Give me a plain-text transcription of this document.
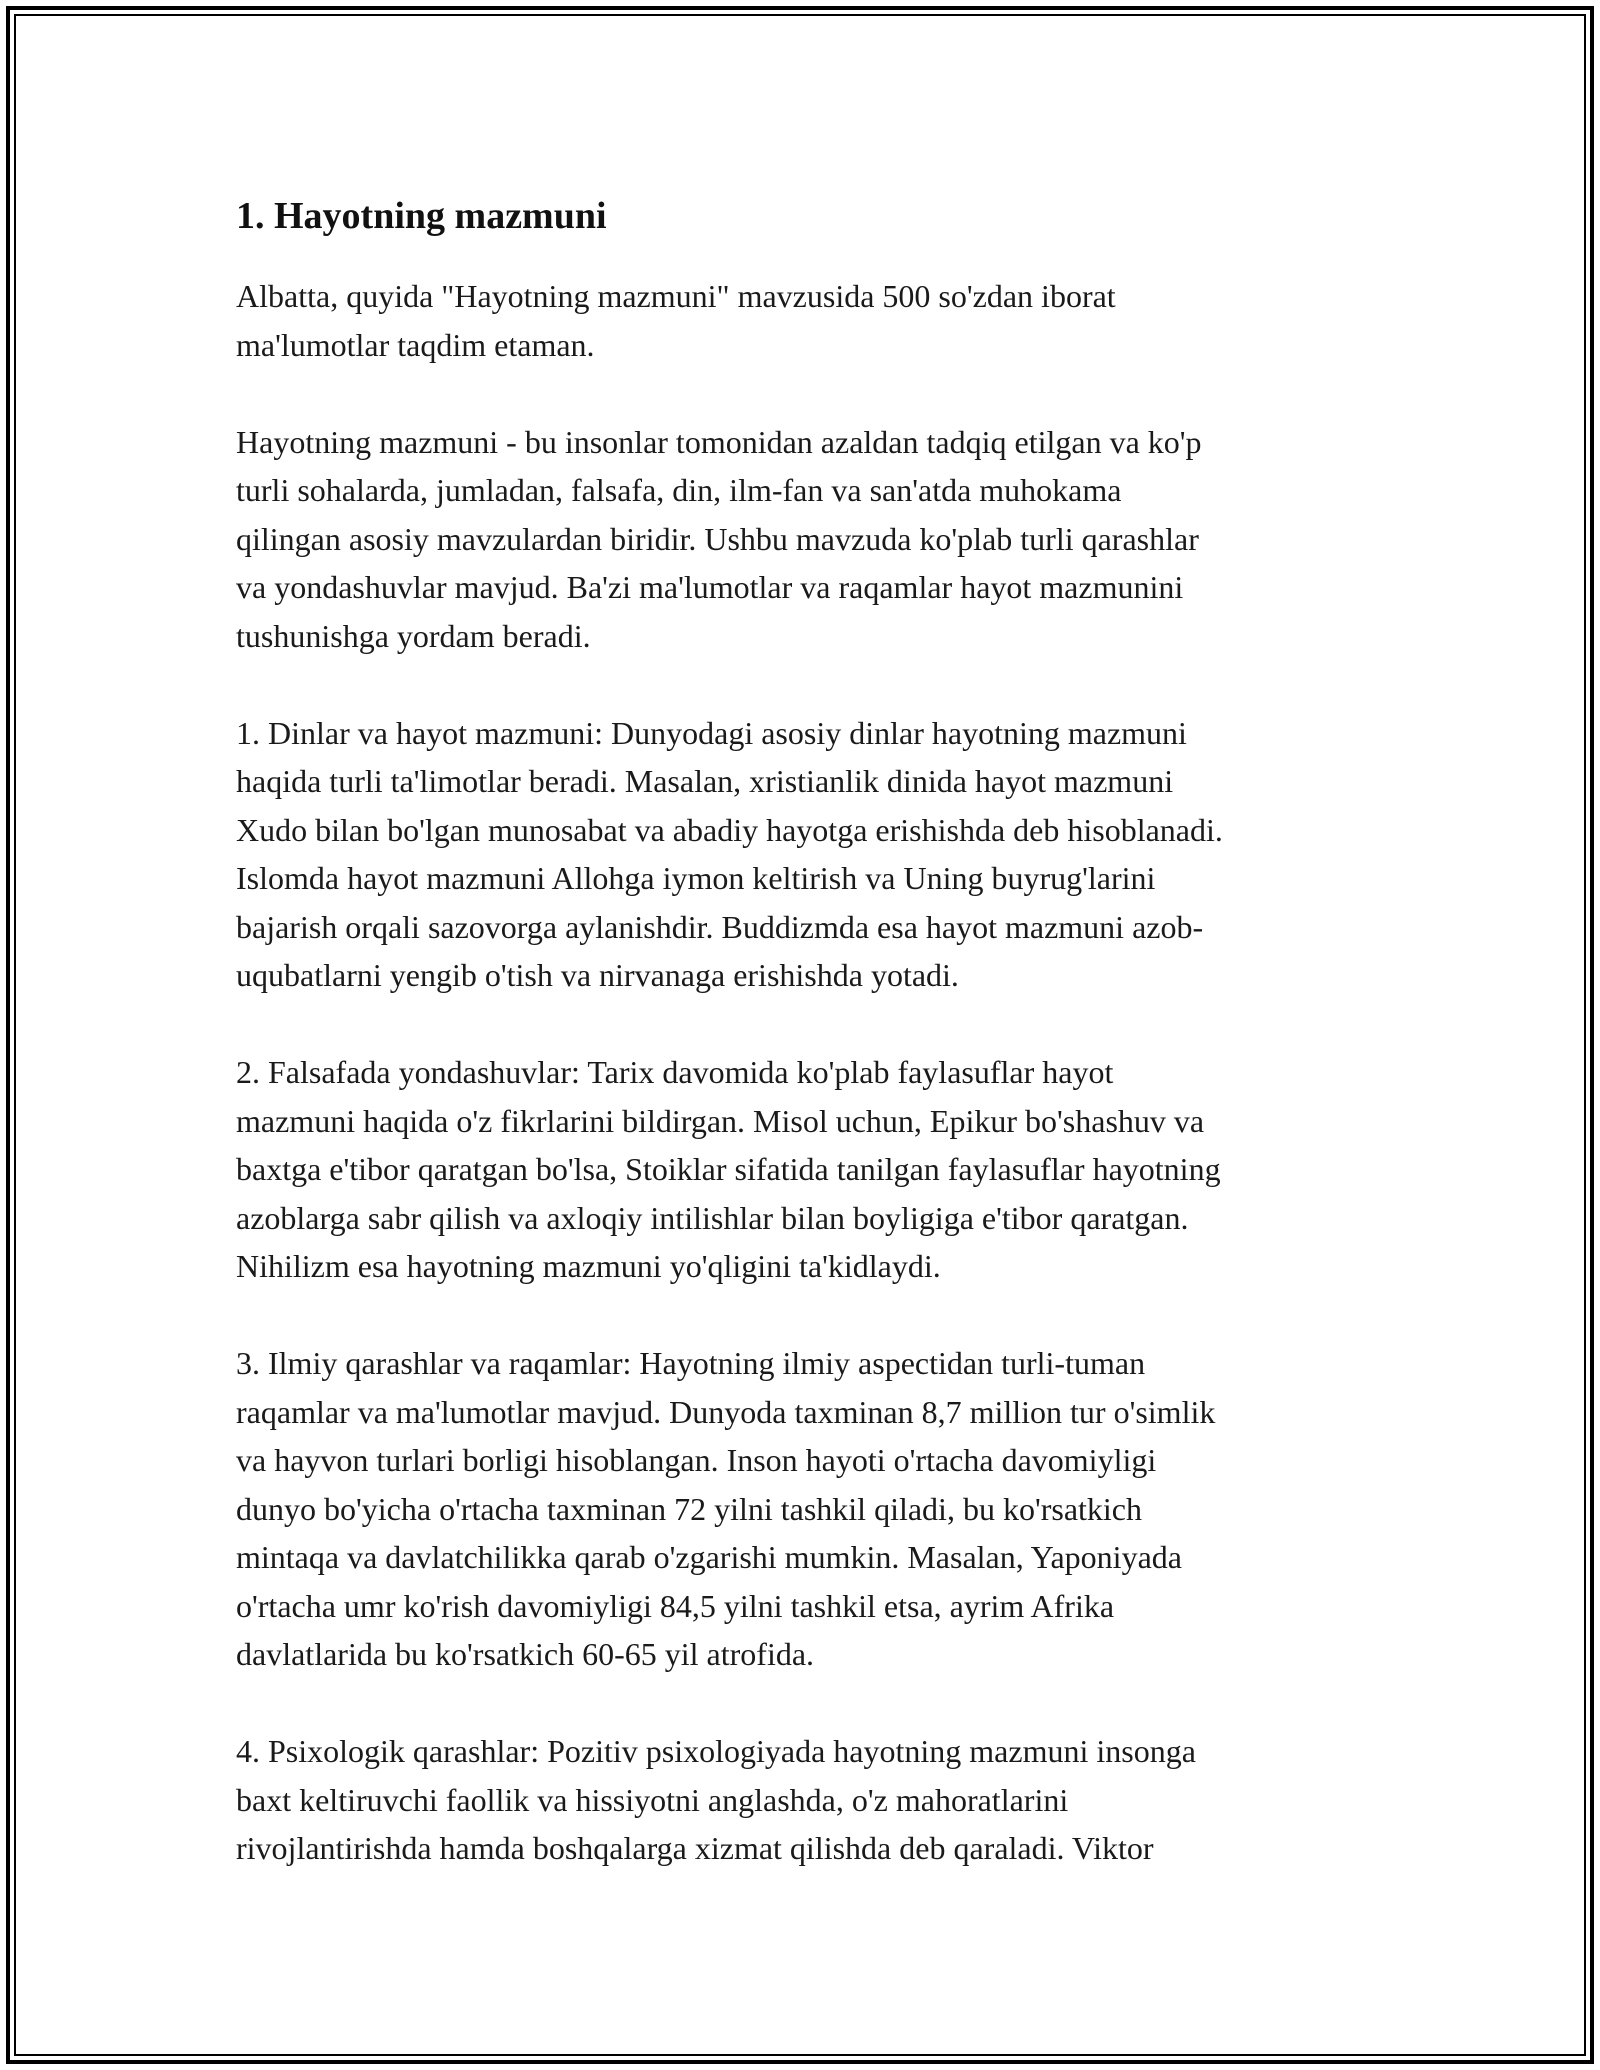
1. Hayotning mazmuni

Albatta, quyida "Hayotning mazmuni" mavzusida 500 so'zdan iborat
ma'lumotlar taqdim etaman.

Hayotning mazmuni - bu insonlar tomonidan azaldan tadqiq etilgan va ko'p
turli sohalarda, jumladan, falsafa, din, ilm-fan va san'atda muhokama
qilingan asosiy mavzulardan biridir. Ushbu mavzuda ko'plab turli qarashlar
va yondashuvlar mavjud. Ba'zi ma'lumotlar va raqamlar hayot mazmunini
tushunishga yordam beradi.

1. Dinlar va hayot mazmuni: Dunyodagi asosiy dinlar hayotning mazmuni
haqida turli ta'limotlar beradi. Masalan, xristianlik dinida hayot mazmuni
Xudo bilan bo'lgan munosabat va abadiy hayotga erishishda deb hisoblanadi.
Islomda hayot mazmuni Allohga iymon keltirish va Uning buyrug'larini
bajarish orqali sazovorga aylanishdir. Buddizmda esa hayot mazmuni azob-
uqubatlarni yengib o'tish va nirvanaga erishishda yotadi.

2. Falsafada yondashuvlar: Tarix davomida ko'plab faylasuflar hayot
mazmuni haqida o'z fikrlarini bildirgan. Misol uchun, Epikur bo'shashuv va
baxtga e'tibor qaratgan bo'lsa, Stoiklar sifatida tanilgan faylasuflar hayotning
azoblarga sabr qilish va axloqiy intilishlar bilan boyligiga e'tibor qaratgan.
Nihilizm esa hayotning mazmuni yo'qligini ta'kidlaydi.

3. Ilmiy qarashlar va raqamlar: Hayotning ilmiy aspectidan turli-tuman
raqamlar va ma'lumotlar mavjud. Dunyoda taxminan 8,7 million tur o'simlik
va hayvon turlari borligi hisoblangan. Inson hayoti o'rtacha davomiyligi
dunyo bo'yicha o'rtacha taxminan 72 yilni tashkil qiladi, bu ko'rsatkich
mintaqa va davlatchilikka qarab o'zgarishi mumkin. Masalan, Yaponiyada
o'rtacha umr ko'rish davomiyligi 84,5 yilni tashkil etsa, ayrim Afrika
davlatlarida bu ko'rsatkich 60-65 yil atrofida.

4. Psixologik qarashlar: Pozitiv psixologiyada hayotning mazmuni insonga
baxt keltiruvchi faollik va hissiyotni anglashda, o'z mahoratlarini
rivojlantirishda hamda boshqalarga xizmat qilishda deb qaraladi. Viktor
